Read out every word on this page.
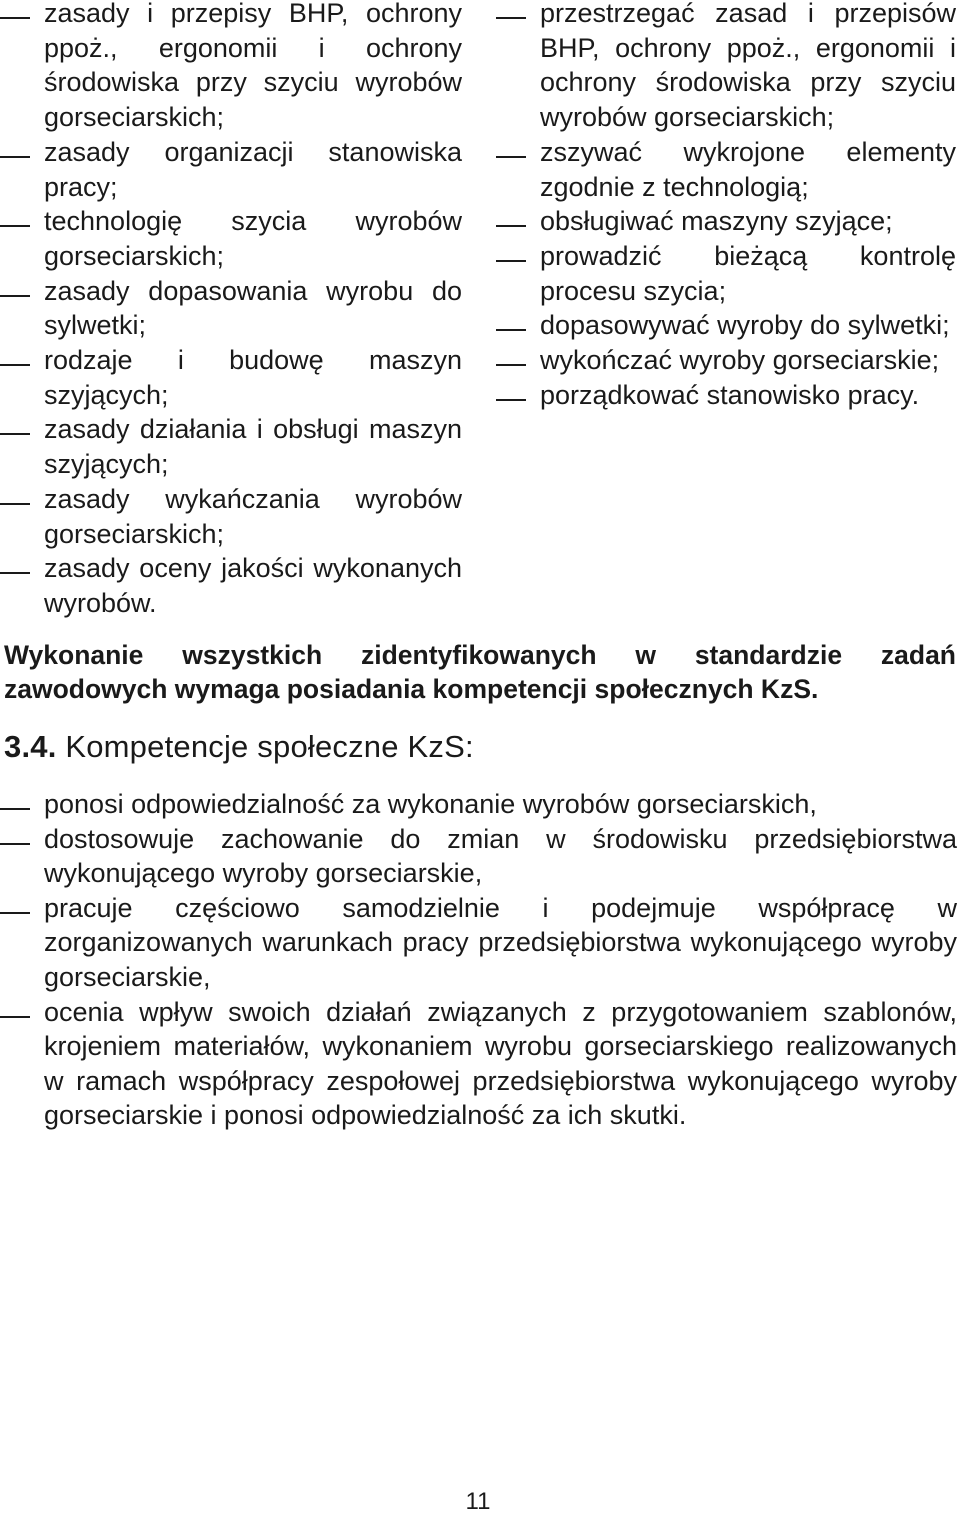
zasady i przepisy BHP, ochrony ppoż., ergonomii i ochrony środowiska przy szyciu wyrobów gorseciarskich;
zasady organizacji stanowiska pracy;
technologię szycia wyrobów gorseciarskich;
zasady dopasowania wyrobu do sylwetki;
rodzaje i budowę maszyn szyjących;
zasady działania i obsługi maszyn szyjących;
zasady wykańczania wyrobów gorseciarskich;
zasady oceny jakości wykonanych wyrobów.
przestrzegać zasad i przepisów BHP, ochrony ppoż., ergonomii i ochrony środowiska przy szyciu wyrobów gorseciarskich;
zszywać wykrojone elementy zgodnie z technologią;
obsługiwać maszyny szyjące;
prowadzić bieżącą kontrolę procesu szycia;
dopasowywać wyroby do sylwetki;
wykończać wyroby gorseciarskie;
porządkować stanowisko pracy.

Wykonanie wszystkich zidentyfikowanych w standardzie zadań zawodowych wymaga posiadania kompetencji społecznych KzS.

3.4. Kompetencje społeczne KzS:
ponosi odpowiedzialność za wykonanie wyrobów gorseciarskich,
dostosowuje zachowanie do zmian w środowisku przedsiębiorstwa wykonującego wyroby gorseciarskie,
pracuje częściowo samodzielnie i podejmuje współpracę w zorganizowanych warunkach pracy przedsiębiorstwa wykonującego wyroby gorseciarskie,
ocenia wpływ swoich działań związanych z przygotowaniem szablonów, krojeniem materiałów, wykonaniem wyrobu gorseciarskiego realizowanych w ramach współpracy zespołowej przedsiębiorstwa wykonującego wyroby gorseciarskie i ponosi odpowiedzialność za ich skutki.
11
